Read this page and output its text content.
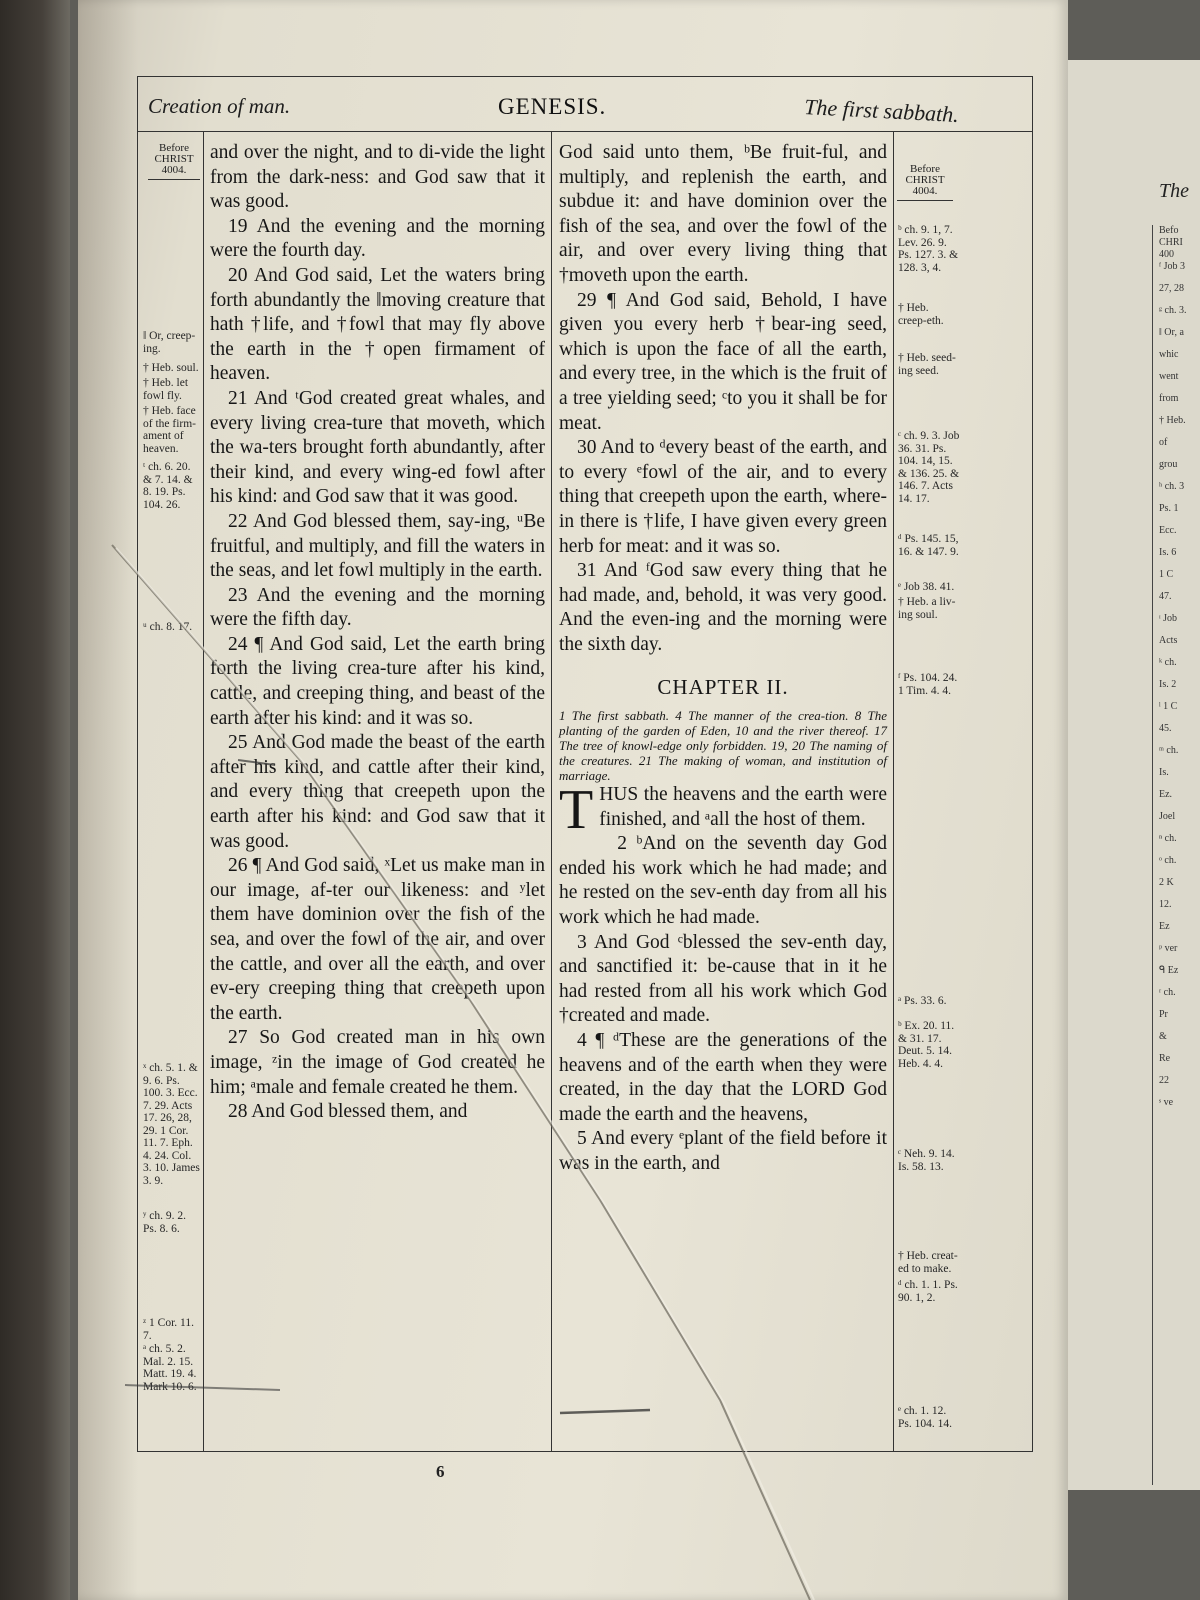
The
Befo
CHRI
400
ᶠ Job 3
27, 28
ᵍ ch. 3.
‖ Or, a
whic
went
from
† Heb.
of
grou
ʰ ch. 3
Ps. 1
Ecc.
Is. 6
1 C
47.
ᶦ Job
Acts
ᵏ ch.
Is. 2
ˡ 1 C
45.
ᵐ ch.
Is.
Ez.
Joel
ⁿ ch.
ᵒ ch.
2 K
12.
Ez
ᵖ ver
ᑫ Ez
ʳ ch.
Pr
&
Re
22
ˢ ve
Creation of man.	GENESIS.	The first sabbath.
Before
CHRIST
4004.	Before
CHRIST
4004.
‖ Or, creep-ing.
† Heb. soul.
† Heb. let fowl fly.
† Heb. face of the firm-ament of heaven.
ᵗ ch. 6. 20. & 7. 14. & 8. 19. Ps. 104. 26.
ᵘ ch. 8. 17.
ˣ ch. 5. 1. & 9. 6. Ps. 100. 3. Ecc. 7. 29. Acts 17. 26, 28, 29. 1 Cor. 11. 7. Eph. 4. 24. Col. 3. 10. James 3. 9.
ʸ ch. 9. 2. Ps. 8. 6.
ᶻ 1 Cor. 11. 7.
ᵃ ch. 5. 2. Mal. 2. 15. Matt. 19. 4. Mark 10. 6.
ᵇ ch. 9. 1, 7. Lev. 26. 9. Ps. 127. 3. & 128. 3, 4.
† Heb. creep-eth.
† Heb. seed-ing seed.
ᶜ ch. 9. 3. Job 36. 31. Ps. 104. 14, 15. & 136. 25. & 146. 7. Acts 14. 17.
ᵈ Ps. 145. 15, 16. & 147. 9.
ᵉ Job 38. 41.
† Heb. a liv-ing soul.
ᶠ Ps. 104. 24. 1 Tim. 4. 4.
ᵃ Ps. 33. 6.
ᵇ Ex. 20. 11. & 31. 17. Deut. 5. 14. Heb. 4. 4.
ᶜ Neh. 9. 14. Is. 58. 13.
† Heb. creat-ed to make.
ᵈ ch. 1. 1. Ps. 90. 1, 2.
ᵉ ch. 1. 12. Ps. 104. 14.

and over the night, and to di-vide the light from the dark-ness: and God saw that it was good.

19 And the evening and the morning were the fourth day.

20 And God said, Let the waters bring forth abundantly the ‖moving creature that hath †life, and †fowl that may fly above the earth in the †open firmament of heaven.

21 And ᵗGod created great whales, and every living crea-ture that moveth, which the wa-ters brought forth abundantly, after their kind, and every wing-ed fowl after his kind: and God saw that it was good.

22 And God blessed them, say-ing, ᵘBe fruitful, and multiply, and fill the waters in the seas, and let fowl multiply in the earth.

23 And the evening and the morning were the fifth day.

24 ¶ And God said, Let the earth bring forth the living crea-ture after his kind, cattle, and creeping thing, and beast of the earth after his kind: and it was so.

25 And God made the beast of the earth after his kind, and cattle after their kind, and every thing that creepeth upon the earth after his kind: and God saw that it was good.

26 ¶ And God said, ˣLet us make man in our image, af-ter our likeness: and ʸlet them have dominion over the fish of the sea, and over the fowl of the air, and over the cattle, and over all the earth, and over ev-ery creeping thing that creepeth upon the earth.

27 So God created man in his own image, ᶻin the image of God created he him; ᵃmale and female created he them.

28 And God blessed them, and

God said unto them, ᵇBe fruit-ful, and multiply, and replenish the earth, and subdue it: and have dominion over the fish of the sea, and over the fowl of the air, and over every living thing that †moveth upon the earth.

29 ¶ And God said, Behold, I have given you every herb †bear-ing seed, which is upon the face of all the earth, and every tree, in the which is the fruit of a tree yielding seed; ᶜto you it shall be for meat.

30 And to ᵈevery beast of the earth, and to every ᵉfowl of the air, and to every thing that creepeth upon the earth, where-in there is †life, I have given every green herb for meat: and it was so.

31 And ᶠGod saw every thing that he had made, and, behold, it was very good. And the even-ing and the morning were the sixth day.

CHAPTER II.

1 The first sabbath. 4 The manner of the crea-tion. 8 The planting of the garden of Eden, 10 and the river thereof. 17 The tree of knowl-edge only forbidden. 19, 20 The naming of the creatures. 21 The making of woman, and institution of marriage.

THUS the heavens and the earth were finished, and ᵃall the host of them.

2 ᵇAnd on the seventh day God ended his work which he had made; and he rested on the sev-enth day from all his work which he had made.

3 And God ᶜblessed the sev-enth day, and sanctified it: be-cause that in it he had rested from all his work which God †created and made.

4 ¶ ᵈThese are the generations of the heavens and of the earth when they were created, in the day that the LORD God made the earth and the heavens,

5 And every ᵉplant of the field before it was in the earth, and

6
